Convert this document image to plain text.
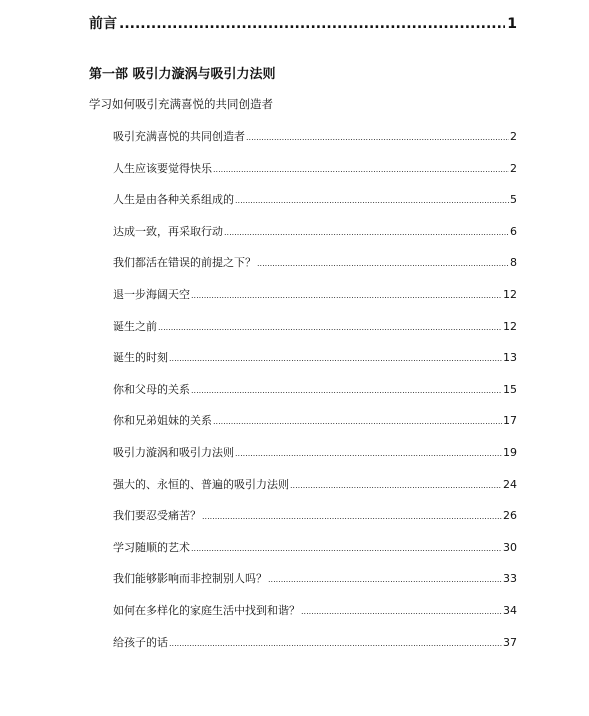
前言 .....	1
第一部 吸引力漩涡与吸引力法则
学习如何吸引充满喜悦的共同创造者
吸引充满喜悦的共同创造者 .....	2
人生应该要觉得快乐 .....	2
人生是由各种关系组成的 .....	5
达成一致，再采取行动 .....	6
我们都活在错误的前提之下？ .....	8
退一步海阔天空 .....	12
诞生之前 .....	12
诞生的时刻 .....	13
你和父母的关系 .....	15
你和兄弟姐妹的关系 .....	17
吸引力漩涡和吸引力法则 .....	19
强大的、永恒的、普遍的吸引力法则 .....	24
我们要忍受痛苦？ .....	26
学习随顺的艺术 .....	30
我们能够影响而非控制别人吗？ .....	33
如何在多样化的家庭生活中找到和谐？ .....	34
给孩子的话 .....	37
